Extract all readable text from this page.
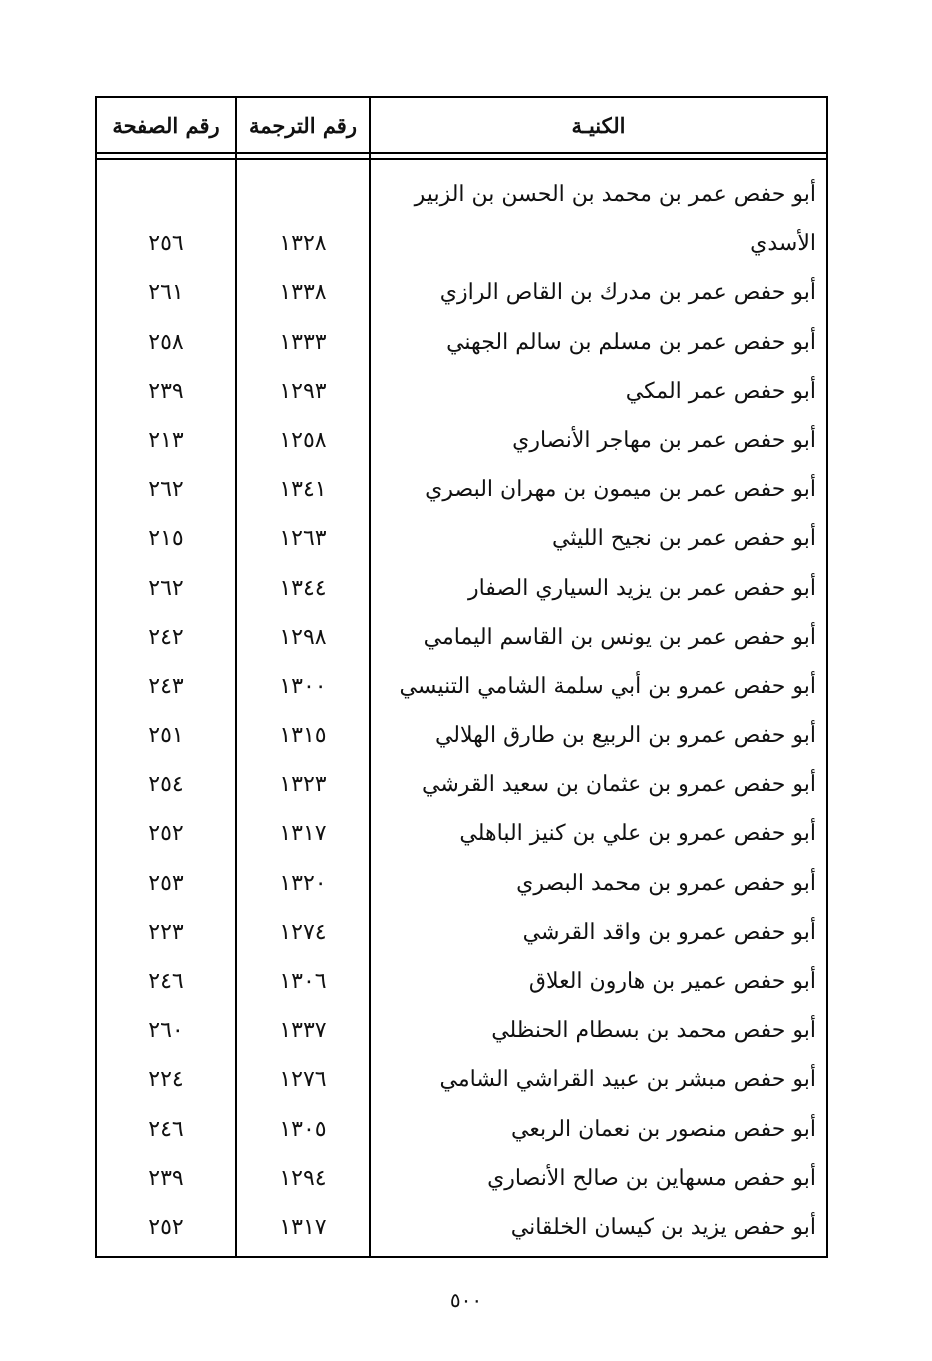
الكنيـة
رقم الترجمة
رقم الصفحة
أبو حفص عمر بن محمد بن الحسن بن الزبير
الأسدي
١٣٢٨
٢٥٦
أبو حفص عمر بن مدرك بن القاص الرازي
١٣٣٨
٢٦١
أبو حفص عمر بن مسلم بن سالم الجهني
١٣٣٣
٢٥٨
أبو حفص عمر المكي
١٢٩٣
٢٣٩
أبو حفص عمر بن مهاجر الأنصاري
١٢٥٨
٢١٣
أبو حفص عمر بن ميمون بن مهران البصري
١٣٤١
٢٦٢
أبو حفص عمر بن نجيح الليثي
١٢٦٣
٢١٥
أبو حفص عمر بن يزيد السياري الصفار
١٣٤٤
٢٦٢
أبو حفص عمر بن يونس بن القاسم اليمامي
١٢٩٨
٢٤٢
أبو حفص عمرو بن أبي سلمة الشامي التنيسي
١٣٠٠
٢٤٣
أبو حفص عمرو بن الربيع بن طارق الهلالي
١٣١٥
٢٥١
أبو حفص عمرو بن عثمان بن سعيد القرشي
١٣٢٣
٢٥٤
أبو حفص عمرو بن علي بن كنيز الباهلي
١٣١٧
٢٥٢
أبو حفص عمرو بن محمد البصري
١٣٢٠
٢٥٣
أبو حفص عمرو بن واقد القرشي
١٢٧٤
٢٢٣
أبو حفص عمير بن هارون العلاق
١٣٠٦
٢٤٦
أبو حفص محمد بن بسطام الحنظلي
١٣٣٧
٢٦٠
أبو حفص مبشر بن عبيد القراشي الشامي
١٢٧٦
٢٢٤
أبو حفص منصور بن نعمان الربعي
١٣٠٥
٢٤٦
أبو حفص مسهاين بن صالح الأنصاري
١٢٩٤
٢٣٩
أبو حفص يزيد بن كيسان الخلقاني
١٣١٧
٢٥٢
٥٠٠
